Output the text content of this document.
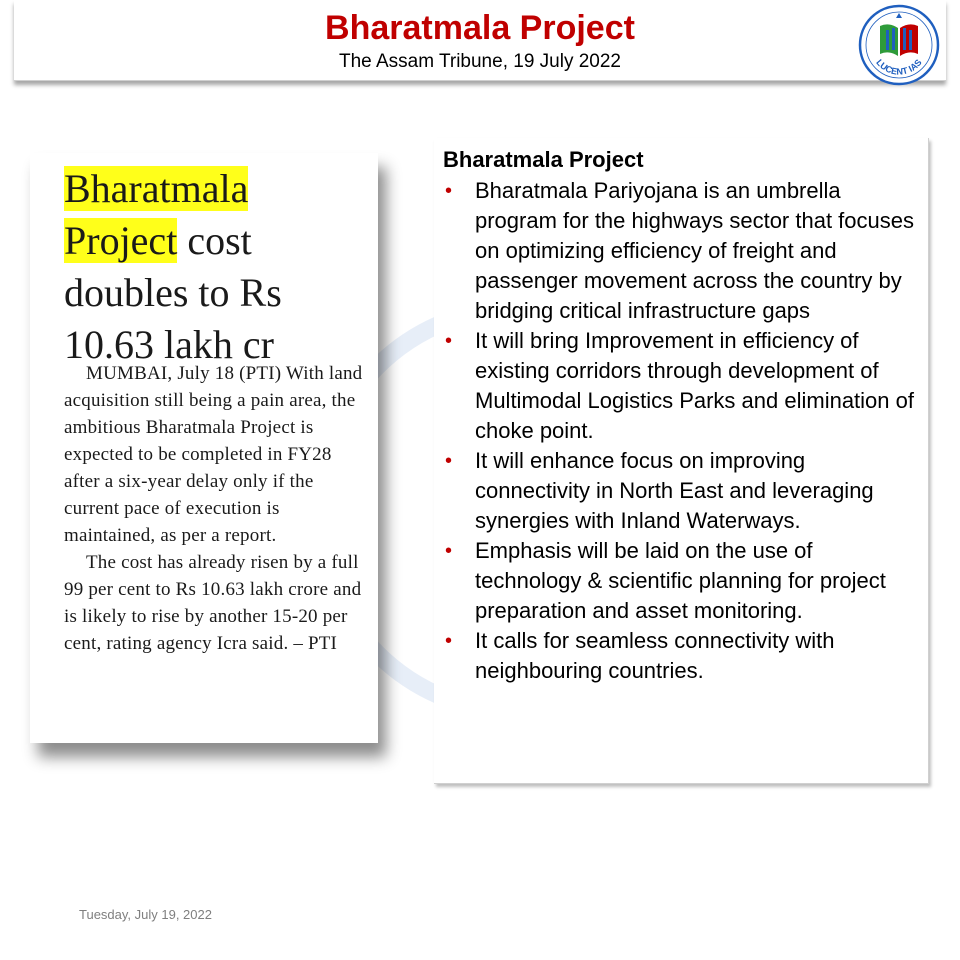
Bharatmala Project
The Assam Tribune, 19 July 2022	LUCENT IAS
Bharatmala
Project cost
doubles to Rs
10.63 lakh cr

MUMBAI, July 18 (PTI) With land acquisition still being a pain area, the ambitious Bharatmala Project is expected to be completed in FY28 after a six-year delay only if the current pace of execution is maintained, as per a report.

The cost has already risen by a full 99 per cent to Rs 10.63 lakh crore and is likely to rise by another 15-20 per cent, rating agency Icra said. – PTI

Bharatmala Project
• Bharatmala Pariyojana is an umbrella program for the highways sector that focuses on optimizing efficiency of freight and passenger movement across the country by bridging critical infrastructure gaps
• It will bring Improvement in efficiency of existing corridors through development of Multimodal Logistics Parks and elimination of choke point.
• It will enhance focus on improving connectivity in North East and leveraging synergies with Inland Waterways.
• Emphasis will be laid on the use of technology & scientific planning for project preparation and asset monitoring.
• It calls for seamless connectivity with neighbouring countries.
Tuesday, July 19, 2022
